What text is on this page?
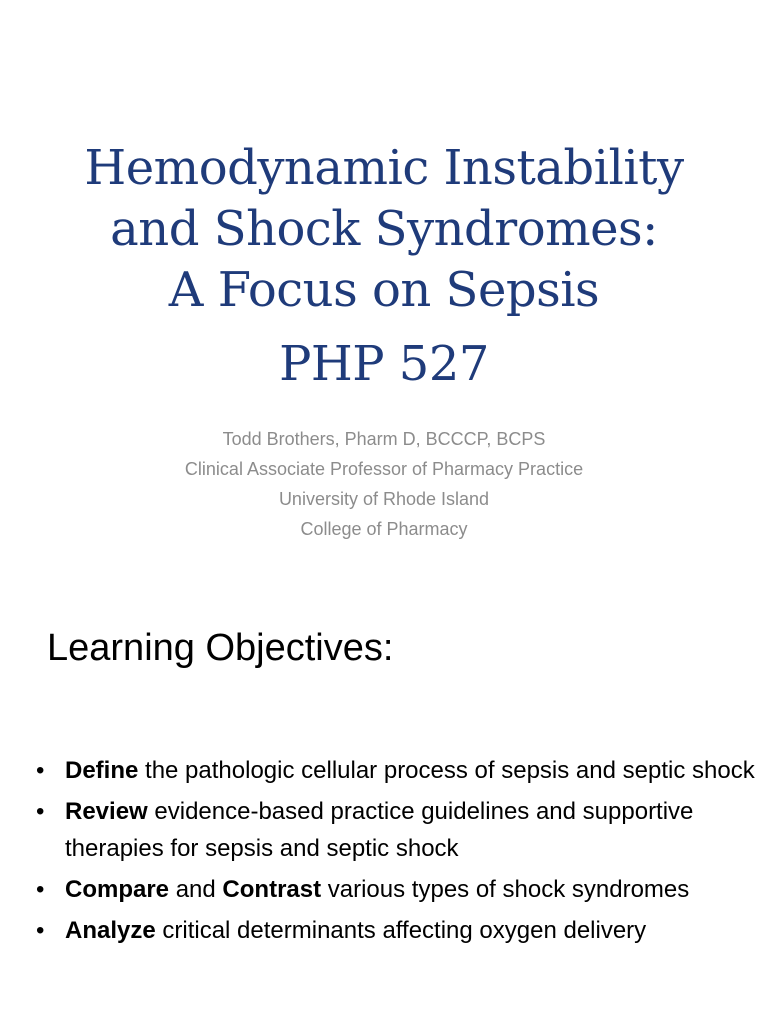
Hemodynamic Instability
and Shock Syndromes:
A Focus on Sepsis
PHP 527
Todd Brothers, Pharm D, BCCCP, BCPS
Clinical Associate Professor of Pharmacy Practice
University of Rhode Island
College of Pharmacy
Learning Objectives:
• Define the pathologic cellular process of sepsis and septic shock
• Review evidence-based practice guidelines and supportive therapies for sepsis and septic shock
• Compare and Contrast various types of shock syndromes
• Analyze critical determinants affecting oxygen delivery
